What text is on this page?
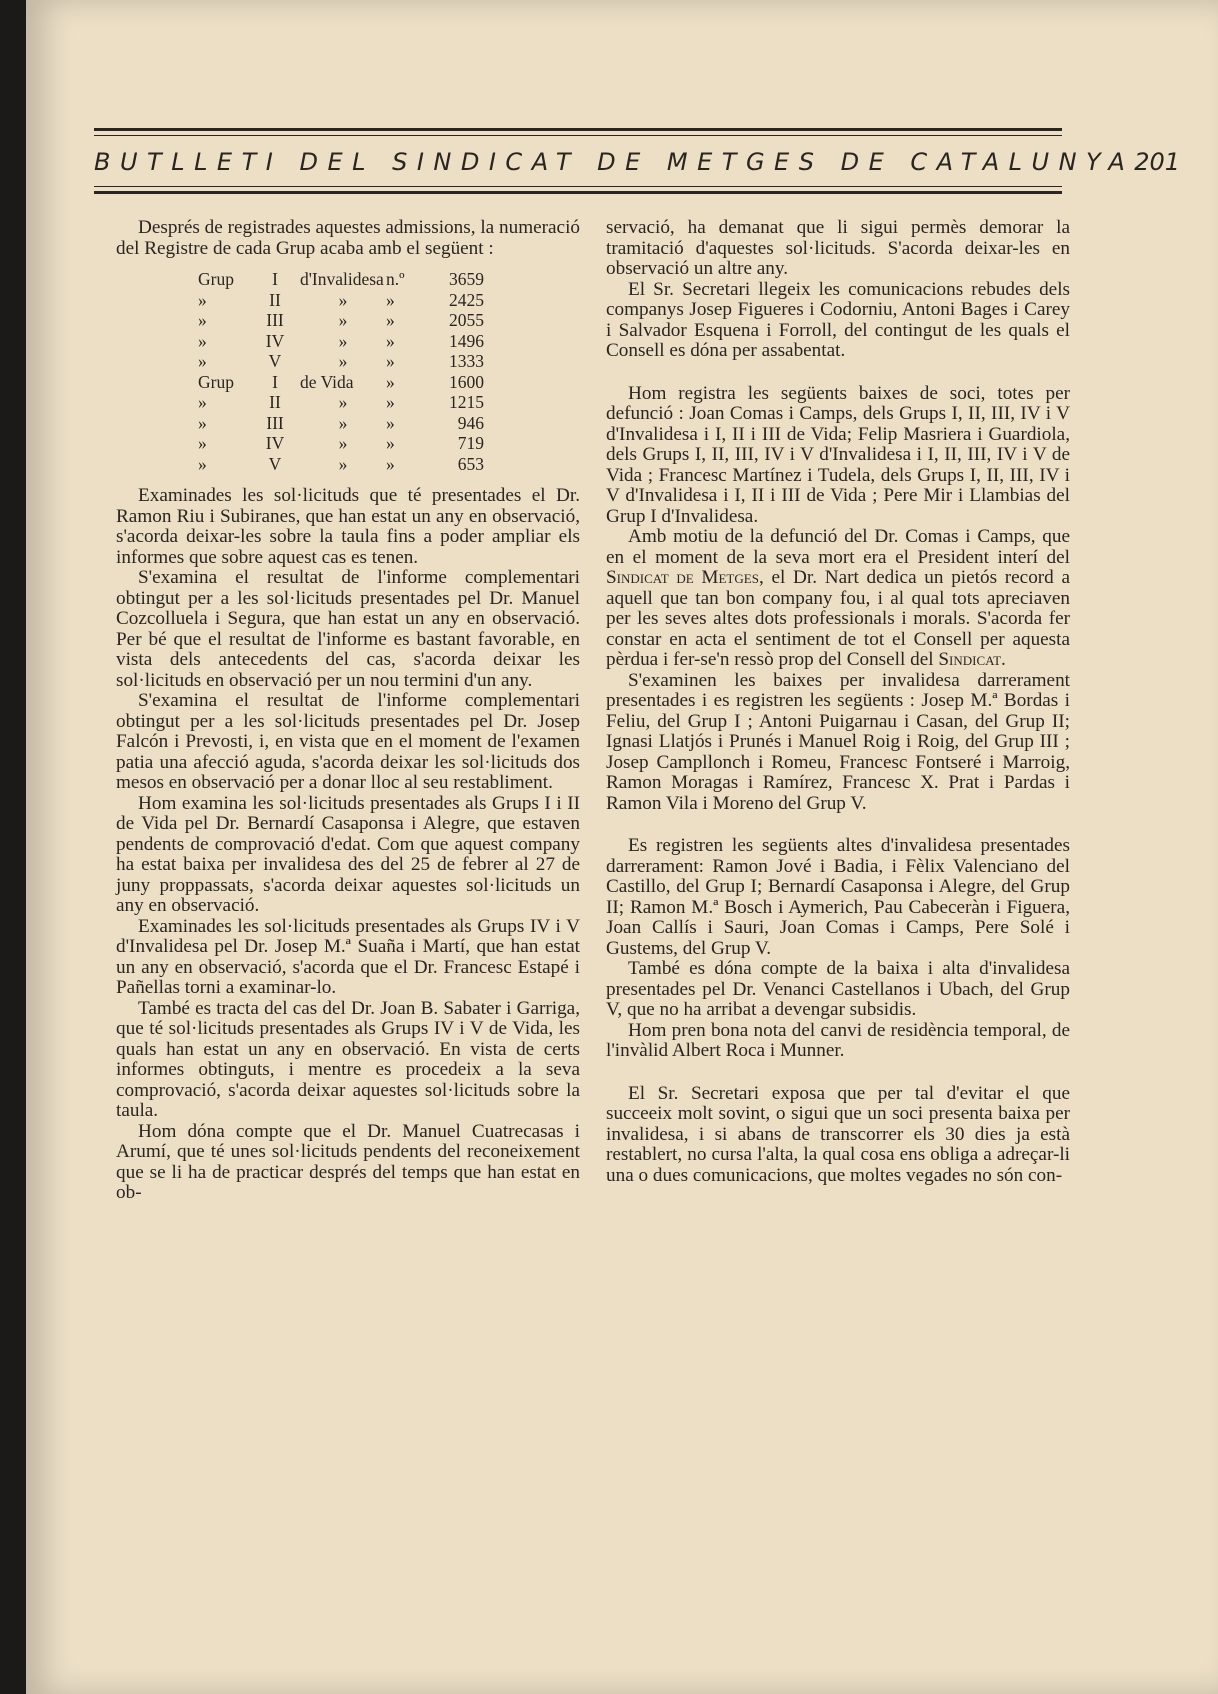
BUTLLETI DEL SINDICAT DE METGES DE CATALUNYA 201

Després de registrades aquestes admissions, la numeració del Registre de cada Grup acaba amb el següent :

Grup	I	d'Invalidesa	n.º	3659
»	II	»	»	2425
»	III	»	»	2055
»	IV	»	»	1496
»	V	»	»	1333
Grup	I	de Vida	»	1600
»	II	»	»	1215
»	III	»	»	946
»	IV	»	»	719
»	V	»	»	653

Examinades les sol·licituds que té presentades el Dr. Ramon Riu i Subiranes, que han estat un any en observació, s'acorda deixar-les sobre la taula fins a poder ampliar els informes que sobre aquest cas es tenen.

S'examina el resultat de l'informe complementari obtingut per a les sol·licituds presentades pel Dr. Manuel Cozcolluela i Segura, que han estat un any en observació. Per bé que el resultat de l'informe es bastant favorable, en vista dels antecedents del cas, s'acorda deixar les sol·licituds en observació per un nou termini d'un any.

S'examina el resultat de l'informe complementari obtingut per a les sol·licituds presentades pel Dr. Josep Falcón i Prevosti, i, en vista que en el moment de l'examen patia una afecció aguda, s'acorda deixar les sol·licituds dos mesos en observació per a donar lloc al seu restabliment.

Hom examina les sol·licituds presentades als Grups I i II de Vida pel Dr. Bernardí Casaponsa i Alegre, que estaven pendents de comprovació d'edat. Com que aquest company ha estat baixa per invalidesa des del 25 de febrer al 27 de juny proppassats, s'acorda deixar aquestes sol·licituds un any en observació.

Examinades les sol·licituds presentades als Grups IV i V d'Invalidesa pel Dr. Josep M.ª Suaña i Martí, que han estat un any en observació, s'acorda que el Dr. Francesc Estapé i Pañellas torni a examinar-lo.

També es tracta del cas del Dr. Joan B. Sabater i Garriga, que té sol·licituds presentades als Grups IV i V de Vida, les quals han estat un any en observació. En vista de certs informes obtinguts, i mentre es procedeix a la seva comprovació, s'acorda deixar aquestes sol·licituds sobre la taula.

Hom dóna compte que el Dr. Manuel Cuatrecasas i Arumí, que té unes sol·licituds pendents del reconeixement que se li ha de practicar després del temps que han estat en ob-

servació, ha demanat que li sigui permès demorar la tramitació d'aquestes sol·licituds. S'acorda deixar-les en observació un altre any.

El Sr. Secretari llegeix les comunicacions rebudes dels companys Josep Figueres i Codorniu, Antoni Bages i Carey i Salvador Esquena i Forroll, del contingut de les quals el Consell es dóna per assabentat.

Hom registra les següents baixes de soci, totes per defunció : Joan Comas i Camps, dels Grups I, II, III, IV i V d'Invalidesa i I, II i III de Vida; Felip Masriera i Guardiola, dels Grups I, II, III, IV i V d'Invalidesa i I, II, III, IV i V de Vida ; Francesc Martínez i Tudela, dels Grups I, II, III, IV i V d'Invalidesa i I, II i III de Vida ; Pere Mir i Llambias del Grup I d'Invalidesa.

Amb motiu de la defunció del Dr. Comas i Camps, que en el moment de la seva mort era el President interí del Sindicat de Metges, el Dr. Nart dedica un pietós record a aquell que tan bon company fou, i al qual tots apreciaven per les seves altes dots professionals i morals. S'acorda fer constar en acta el sentiment de tot el Consell per aquesta pèrdua i fer-se'n ressò prop del Consell del Sindicat.

S'examinen les baixes per invalidesa darrerament presentades i es registren les següents : Josep M.ª Bordas i Feliu, del Grup I ; Antoni Puigarnau i Casan, del Grup II; Ignasi Llatjós i Prunés i Manuel Roig i Roig, del Grup III ; Josep Campllonch i Romeu, Francesc Fontseré i Marroig, Ramon Moragas i Ramírez, Francesc X. Prat i Pardas i Ramon Vila i Moreno del Grup V.

Es registren les següents altes d'invalidesa presentades darrerament: Ramon Jové i Badia, i Fèlix Valenciano del Castillo, del Grup I; Bernardí Casaponsa i Alegre, del Grup II; Ramon M.ª Bosch i Aymerich, Pau Cabeceràn i Figuera, Joan Callís i Sauri, Joan Comas i Camps, Pere Solé i Gustems, del Grup V.

També es dóna compte de la baixa i alta d'invalidesa presentades pel Dr. Venanci Castellanos i Ubach, del Grup V, que no ha arribat a devengar subsidis.

Hom pren bona nota del canvi de residència temporal, de l'invàlid Albert Roca i Munner.

El Sr. Secretari exposa que per tal d'evitar el que succeeix molt sovint, o sigui que un soci presenta baixa per invalidesa, i si abans de transcorrer els 30 dies ja està restablert, no cursa l'alta, la qual cosa ens obliga a adreçar-li una o dues comunicacions, que moltes vegades no són con-
